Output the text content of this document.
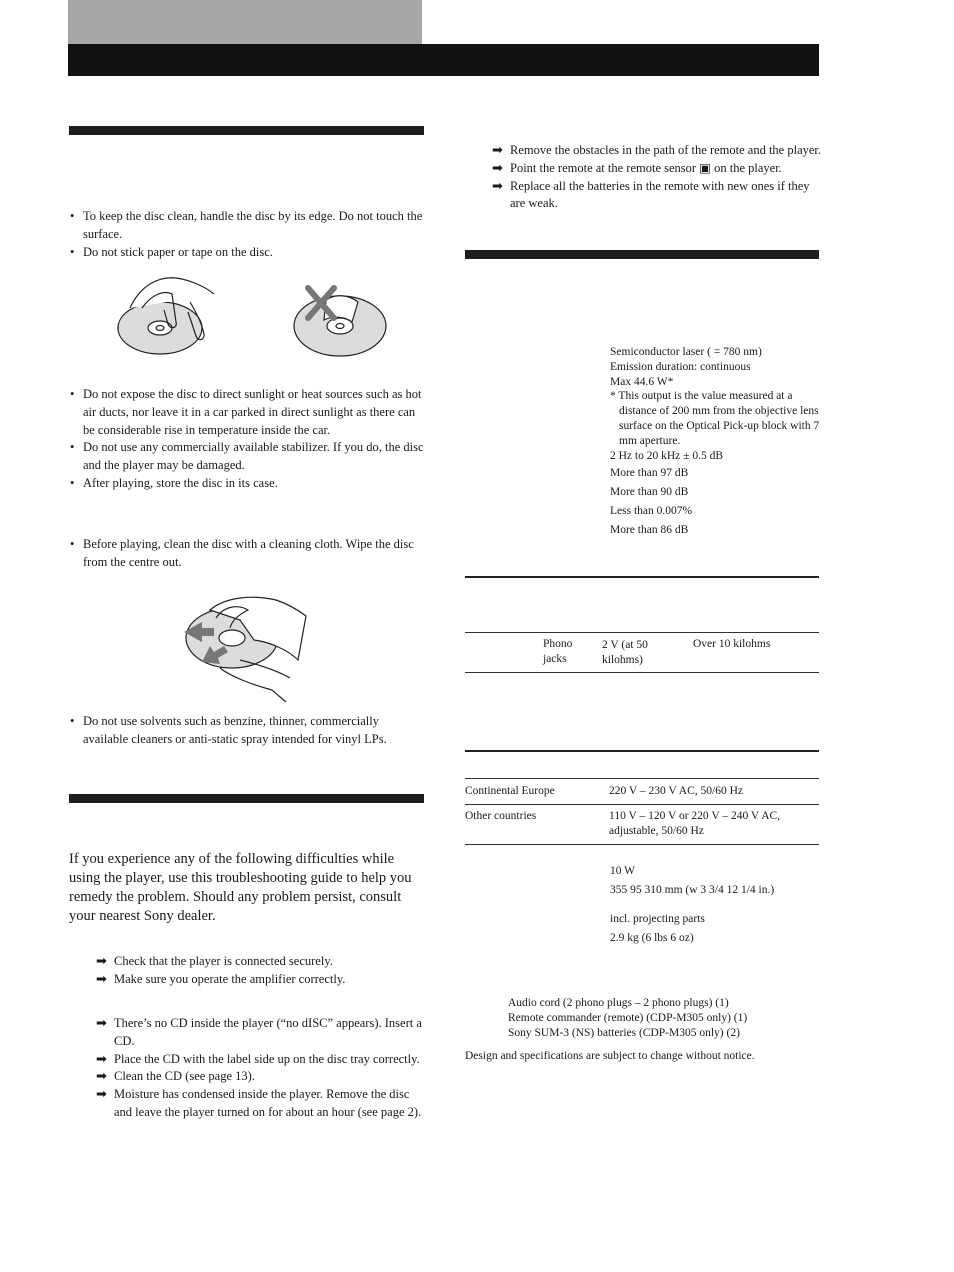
• To keep the disc clean, handle the disc by its edge. Do not touch the surface.
• Do not stick paper or tape on the disc.
• Do not expose the disc to direct sunlight or heat sources such as hot air ducts, nor leave it in a car parked in direct sunlight as there can be considerable rise in temperature inside the car.
• Do not use any commercially available stabilizer. If you do, the disc and the player may be damaged.
• After playing, store the disc in its case.
• Before playing, clean the disc with a cleaning cloth. Wipe the disc from the centre out.
• Do not use solvents such as benzine, thinner, commercially available cleaners or anti-static spray intended for vinyl LPs.

If you experience any of the following difficulties while using the player, use this troubleshooting guide to help you remedy the problem. Should any problem persist, consult your nearest Sony dealer.

➡ Check that the player is connected securely.
➡ Make sure you operate the amplifier correctly.
➡ There’s no CD inside the player (“no dISC” appears). Insert a CD.
➡ Place the CD with the label side up on the disc tray correctly.
➡ Clean the CD (see page 13).
➡ Moisture has condensed inside the player. Remove the disc and leave the player turned on for about an hour (see page 2).
➡ Remove the obstacles in the path of the remote and the player.
➡ Point the remote at the remote sensor ▣ on the player.
➡ Replace all the batteries in the remote with new ones if they are weak.
Semiconductor laser ( = 780 nm)
Emission duration: continuous
Max 44.6 W*
* This output is the value measured at a distance of 200 mm from the objective lens surface on the Optical Pick-up block with 7 mm aperture.
2 Hz to 20 kHz ± 0.5 dB
More than 97 dB
More than 90 dB
Less than 0.007%
More than 86 dB
Phono jacks
2 V (at 50 kilohms)
Over 10 kilohms
Continental Europe	220 V – 230 V AC, 50/60 Hz
Other countries	110 V – 120 V or 220 V – 240 V AC, adjustable, 50/60 Hz
10 W
355 95 310 mm (w 3 3/4 12 1/4 in.)
incl. projecting parts
2.9 kg (6 lbs 6 oz)
Audio cord (2 phono plugs – 2 phono plugs) (1)
Remote commander (remote) (CDP-M305 only) (1)
Sony SUM-3 (NS) batteries (CDP-M305 only) (2)
Design and specifications are subject to change without notice.
